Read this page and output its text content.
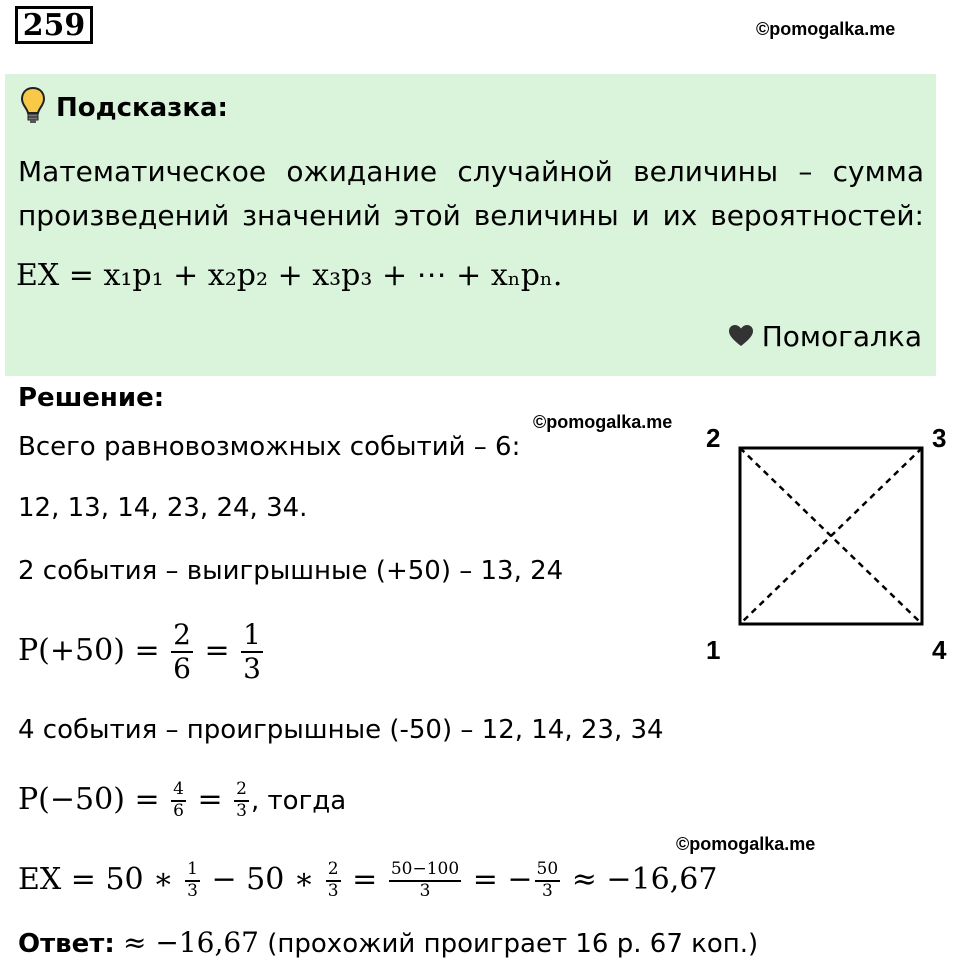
259	©pomogalka.me
Подсказка:
Математическое ожидание случайной величины – сумма
произведений значений этой величины и их вероятностей:
EX = x₁p₁ + x₂p₂ + x₃p₃ + ⋯ + xₙpₙ.
Помогалка
Решение:
©pomogalka.me
Всего равновозможных событий – 6:
12, 13, 14, 23, 24, 34.
2 события – выигрышные (+50) – 13, 24
$P(+50) = \frac{2}{6} = \frac{1}{3}$
4 события – проигрышные (-50) – 12, 14, 23, 34
$P(-50) = \frac{4}{6} = \frac{2}{3}$ , тогда
©pomogalka.me
EX = 50 ∗ $\frac{1}{3} - 50$ ∗ $\frac{2}{3} = \frac{50-100}{3}$ = − $\frac{50}{3} \approx -16,67$
Ответ: ≈ −16,67 (прохожий проиграет 16 р. 67 коп.)
1
2	3
4
